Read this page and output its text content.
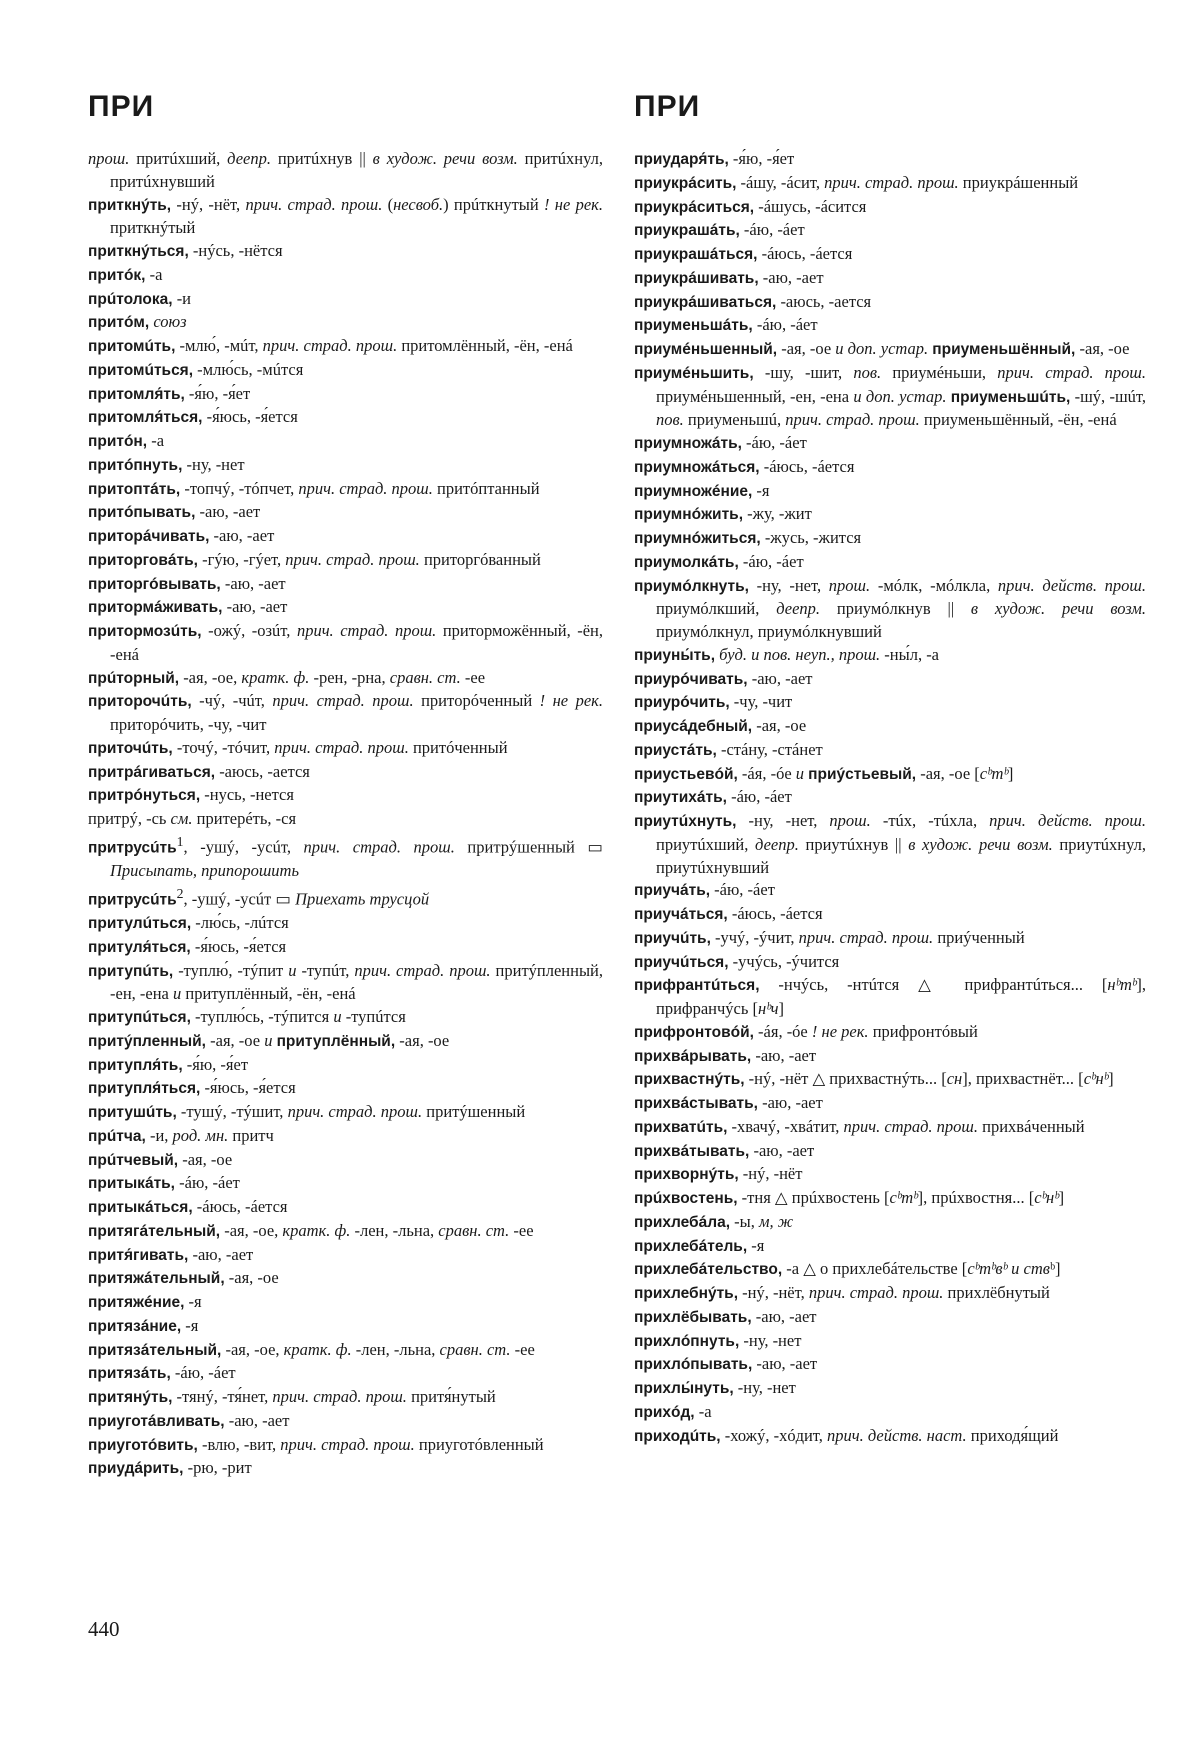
ПРИ	ПРИ

прош. притúхший, деепр. притúхнув || в худож. речи возм. притúхнул, притúхнувший

приткнýть, -нý, -нёт, прич. страд. прош. (несвоб.) прúткнутый ! не рек. приткнýтый

приткнýться, -нýсь, -нётся

притóк, -а

прúтолока, -и

притóм, союз

притомúть, -млю́, -мúт, прич. страд. прош. притомлённый, -ён, -енá

притомúться, -млю́сь, -мúтся

притомля́ть, -я́ю, -я́ет

притомля́ться, -я́юсь, -я́ется

притóн, -а

притóпнуть, -ну, -нет

притоптáть, -топчý, -тóпчет, прич. страд. прош. притóптанный

притóпывать, -аю, -ает

притoрáчивать, -аю, -ает

приторговáть, -гýю, -гýет, прич. страд. прош. приторгóванный

приторгóвывать, -аю, -ает

притормáживать, -аю, -ает

притормозúть, -ожý, -озúт, прич. страд. прош. приторможённый, -ён, -енá

прúторный, -ая, -ое, кратк. ф. -рен, -рна, сравн. ст. -ее

приторочúть, -чý, -чúт, прич. страд. прош. притoрóченный ! не рек. притoрóчить, -чу, -чит

приточúть, -точý, -тóчит, прич. страд. прош. притóченный

притрáгиваться, -аюсь, -ается

притрóнуться, -нусь, -нется

притрý, -сь см. притерéть, -ся

притрусúть$^1$, -ушý, -усúт, прич. страд. прош. притрýшенный ▭ Присыпать, припорошить

притрусúть$^2$, -ушý, -усúт ▭ Приехать трусцой

притулúться, -лю́сь, -лúтся

притуля́ться, -я́юсь, -я́ется

притупúть, -туплю́, -тýпит и -тупúт, прич. страд. прош. притýпленный, -ен, -ена и притуплённый, -ён, -енá

притупúться, -туплю́сь, -тýпится и -тупúтся

притýпленный, -ая, -ое и притуплённый, -ая, -ое

притупля́ть, -я́ю, -я́ет

притупля́ться, -я́юсь, -я́ется

притушúть, -тушý, -тýшит, прич. страд. прош. притýшенный

прúтча, -и, род. мн. притч

прúтчевый, -ая, -ое

притыкáть, -áю, -áет

притыкáться, -áюсь, -áется

притягáтельный, -ая, -ое, кратк. ф. -лен, -льна, сравн. ст. -ее

притя́гивать, -аю, -ает

притяжáтельный, -ая, -ое

притяжéние, -я

притязáние, -я

притязáтельный, -ая, -ое, кратк. ф. -лен, -льна, сравн. ст. -ее

притязáть, -áю, -áет

притянýть, -тянý, -тя́нет, прич. страд. прош. притя́нутый

приуготáвливать, -аю, -ает

приуготóвить, -влю, -вит, прич. страд. прош. приуготóвленный

приудáрить, -рю, -рит

приударя́ть, -я́ю, -я́ет

приукрáсить, -áшу, -áсит, прич. страд. прош. приукрáшенный

приукрáситься, -áшусь, -áсится

приукрашáть, -áю, -áет

приукрашáться, -áюсь, -áется

приукрáшивать, -аю, -ает

приукрáшиваться, -аюсь, -ается

приуменьшáть, -áю, -áет

приумéньшенный, -ая, -ое и доп. устар. приуменьшённый, -ая, -ое

приумéньшить, -шу, -шит, пов. приумéньши, прич. страд. прош. приумéньшенный, -ен, -ена и доп. устар. приуменьшúть, -шý, -шúт, пов. приуменьшú, прич. страд. прош. приуменьшённый, -ён, -енá

приумножáть, -áю, -áет

приумножáться, -áюсь, -áется

приумножéние, -я

приумнóжить, -жу, -жит

приумнóжиться, -жусь, -жится

приумолкáть, -áю, -áет

приумóлкнуть, -ну, -нет, прош. -мóлк, -мóлкла, прич. действ. прош. приумóлкший, деепр. приумóлкнув || в худож. речи возм. приумóлкнул, приумóлкнувший

приуны́ть, буд. и пов. неуп., прош. -ны́л, -а

приурóчивать, -аю, -ает

приурóчить, -чу, -чит

приусáдебный, -ая, -ое

приустáть, -стáну, -стáнет

приустьевóй, -áя, -óе и приýстьевый, -ая, -ое [cᵇmᵇ]

приутихáть, -áю, -áет

приутúхнуть, -ну, -нет, прош. -тúх, -тúхла, прич. действ. прош. приутúхший, деепр. приутúхнув || в худож. речи возм. приутúхнул, приутúхнувший

приучáть, -áю, -áет

приучáться, -áюсь, -áется

приучúть, -учý, -ýчит, прич. страд. прош. приýченный

приучúться, -учýсь, -ýчится

прифрантúться, -нчýсь, -нтúтся △ прифрантúться... [нᵇmᵇ], прифранчýсь [нᵇч]

прифронтовóй, -áя, -óе ! не рек. прифронтóвый

прихвáрывать, -аю, -ает

прихвастнýть, -нý, -нёт △ прихвастнýть... [сн], прихвастнёт... [сᵇнᵇ]

прихвáстывать, -аю, -ает

прихватúть, -хвачý, -хвáтит, прич. страд. прош. прихвáченный

прихвáтывать, -аю, -ает

прихворнýть, -нý, -нёт

прúхвостень, -тня △ прúхвостень [cᵇmᵇ], прúхвостня... [cᵇнᵇ]

прихлебáла, -ы, м, ж

прихлебáтель, -я

прихлебáтельство, -а △ о прихлебáтельстве [cᵇmᵇвᵇ и ствᵇ]

прихлебнýть, -нý, -нёт, прич. страд. прош. прихлёбнутый

прихлёбывать, -аю, -ает

прихлóпнуть, -ну, -нет

прихлóпывать, -аю, -ает

прихлы́нуть, -ну, -нет

прихóд, -а

приходúть, -хожý, -хóдит, прич. действ. наст. приходя́щий

440
